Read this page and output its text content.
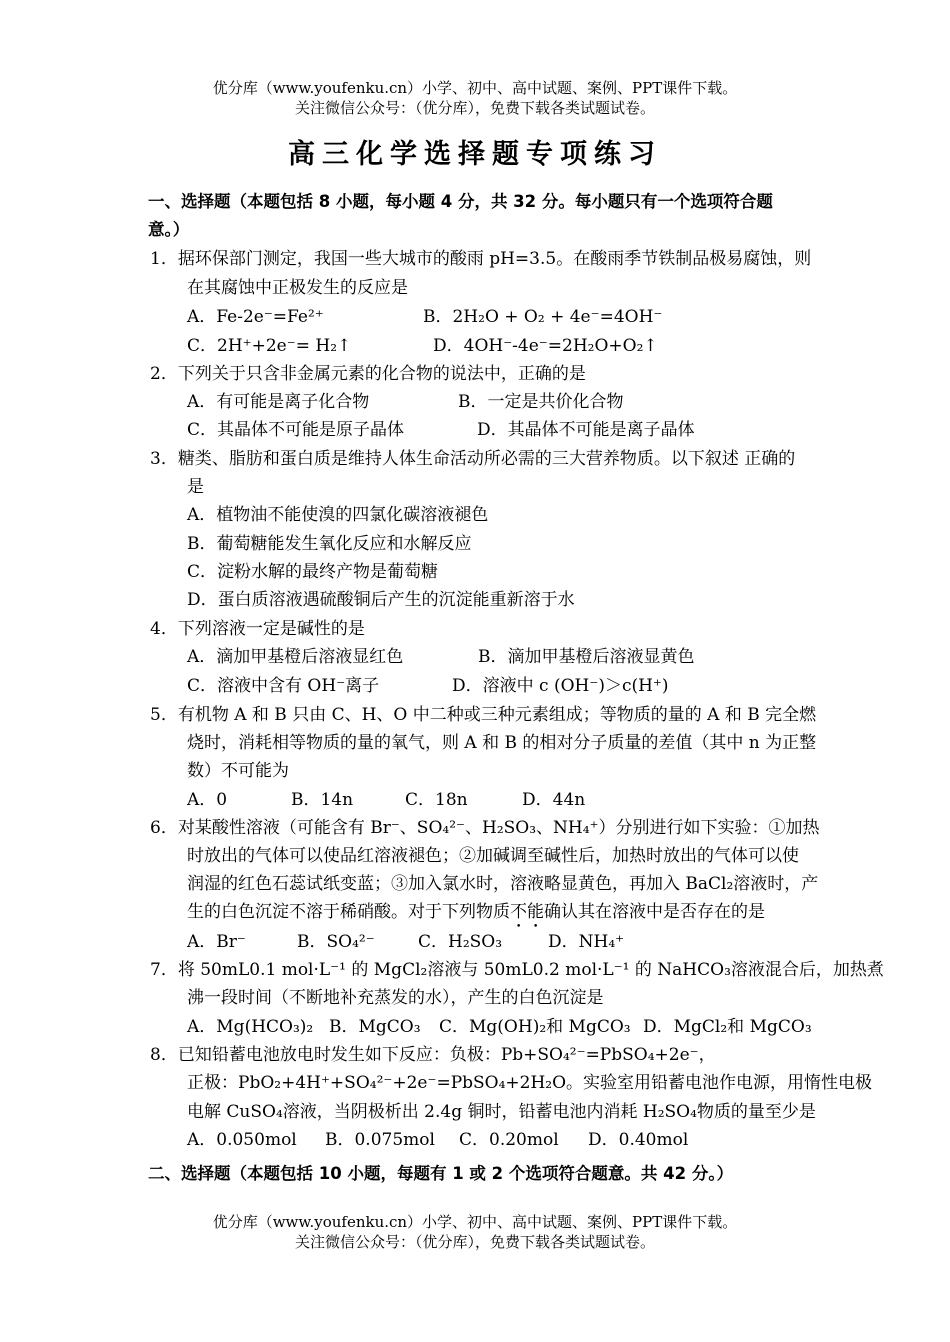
优分库（www.youfenku.cn）小学、初中、高中试题、案例、PPT课件下载。
关注微信公众号：（优分库），免费下载各类试题试卷。
高三化学选择题专项练习
一、选择题（本题包括 8 小题，每小题 4 分，共 32 分。每小题只有一个选项符合题
意。）
1．据环保部门测定，我国一些大城市的酸雨 pH=3.5。在酸雨季节铁制品极易腐蚀，则
在其腐蚀中正极发生的反应是
A．Fe-2e⁻=Fe²⁺	B．2H₂O + O₂ + 4e⁻=4OH⁻
C．2H⁺+2e⁻= H₂↑	D．4OH⁻-4e⁻=2H₂O+O₂↑
2．下列关于只含非金属元素的化合物的说法中，正确的是
A．有可能是离子化合物	B．一定是共价化合物
C．其晶体不可能是原子晶体	D．其晶体不可能是离子晶体
3．糖类、脂肪和蛋白质是维持人体生命活动所必需的三大营养物质。以下叙述 正确的
是
A．植物油不能使溴的四氯化碳溶液褪色
B．葡萄糖能发生氧化反应和水解反应
C．淀粉水解的最终产物是葡萄糖
D．蛋白质溶液遇硫酸铜后产生的沉淀能重新溶于水
4．下列溶液一定是碱性的是
A．滴加甲基橙后溶液显红色	B．滴加甲基橙后溶液显黄色
C．溶液中含有 OH⁻离子	D．溶液中 c (OH⁻)＞c(H⁺)
5．有机物 A 和 B 只由 C、H、O 中二种或三种元素组成；等物质的量的 A 和 B 完全燃
烧时，消耗相等物质的量的氧气，则 A 和 B 的相对分子质量的差值（其中 n 为正整
数）不可能为
A．0	B．14n	C．18n	D．44n
6．对某酸性溶液（可能含有 Br⁻、SO₄²⁻、H₂SO₃、NH₄⁺）分别进行如下实验：①加热
时放出的气体可以使品红溶液褪色；②加碱调至碱性后，加热时放出的气体可以使
润湿的红色石蕊试纸变蓝；③加入氯水时，溶液略显黄色，再加入 BaCl₂溶液时，产
生的白色沉淀不溶于稀硝酸。对于下列物质不能确认其在溶液中是否存在的是
A．Br⁻	B．SO₄²⁻	C．H₂SO₃	D．NH₄⁺
7．将 50mL0.1 mol·L⁻¹ 的 MgCl₂溶液与 50mL0.2 mol·L⁻¹ 的 NaHCO₃溶液混合后，加热煮
沸一段时间（不断地补充蒸发的水），产生的白色沉淀是
A．Mg(HCO₃)₂ B．MgCO₃ C．Mg(OH)₂和 MgCO₃ D．MgCl₂和 MgCO₃
8．已知铅蓄电池放电时发生如下反应：负极：Pb+SO₄²⁻=PbSO₄+2e⁻，
正极：PbO₂+4H⁺+SO₄²⁻+2e⁻=PbSO₄+2H₂O。实验室用铅蓄电池作电源，用惰性电极
电解 CuSO₄溶液，当阴极析出 2.4g 铜时，铅蓄电池内消耗 H₂SO₄物质的量至少是
A．0.050mol B．0.075mol C．0.20mol D．0.40mol
二、选择题（本题包括 10 小题，每题有 1 或 2 个选项符合题意。共 42 分。）
优分库（www.youfenku.cn）小学、初中、高中试题、案例、PPT课件下载。
关注微信公众号：（优分库），免费下载各类试题试卷。
